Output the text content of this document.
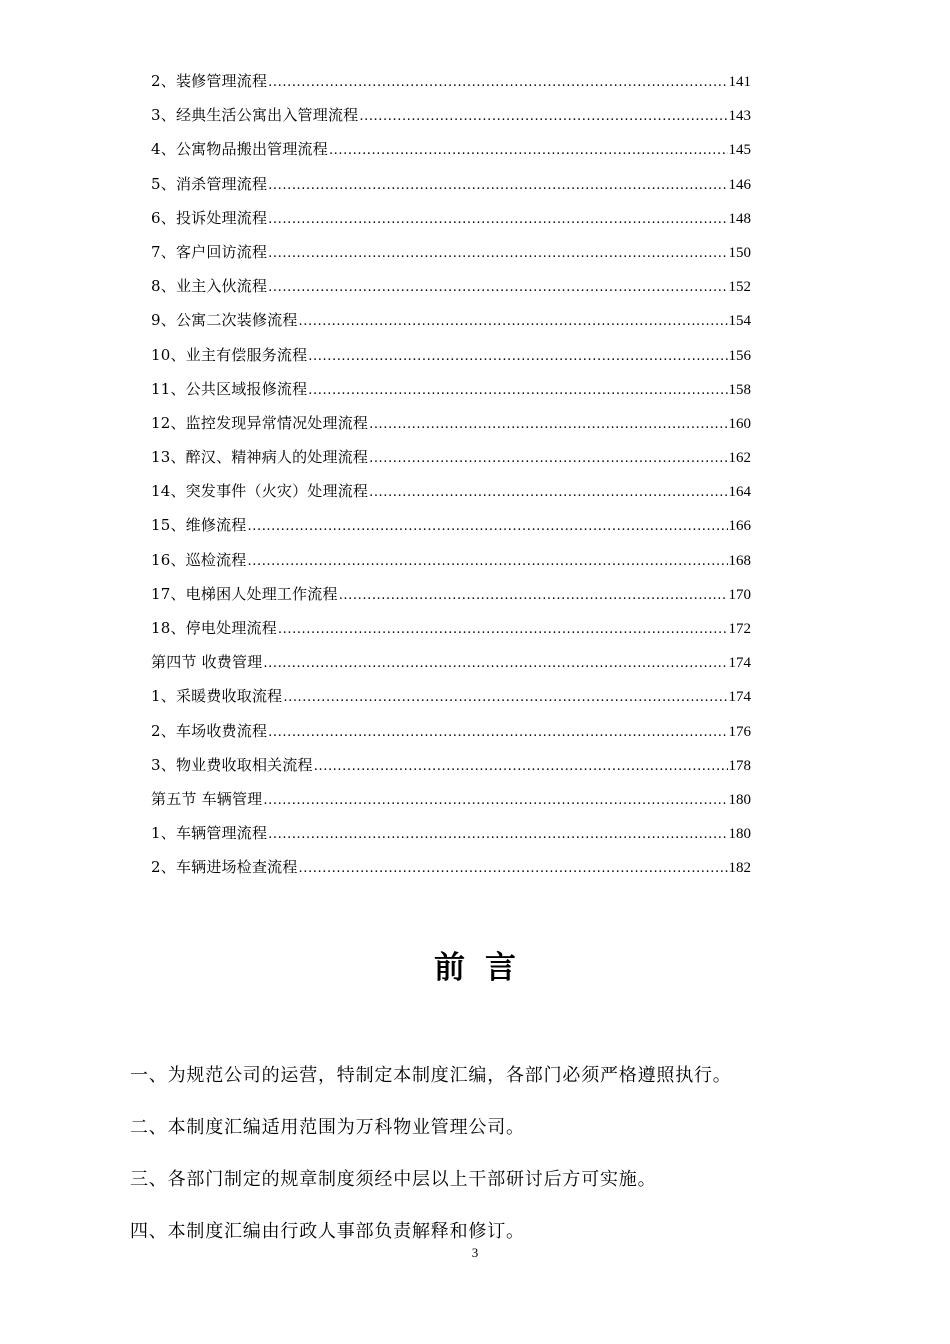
2、装修管理流程 .....	141
3、经典生活公寓出入管理流程 .....	143
4、公寓物品搬出管理流程 .....	145
5、消杀管理流程 .....	146
6、投诉处理流程 .....	148
7、客户回访流程 .....	150
8、业主入伙流程 .....	152
9、公寓二次装修流程 .....	154
10、业主有偿服务流程 .....	156
11、公共区域报修流程 .....	158
12、监控发现异常情况处理流程 .....	160
13、醉汉、精神病人的处理流程 .....	162
14、突发事件（火灾）处理流程 .....	164
15、维修流程 .....	166
16、巡检流程 .....	168
17、电梯困人处理工作流程 .....	170
18、停电处理流程 .....	172
第四节 收费管理 .....	174
1、采暖费收取流程 .....	174
2、车场收费流程 .....	176
3、物业费收取相关流程 .....	178
第五节 车辆管理 .....	180
1、车辆管理流程 .....	180
2、车辆进场检查流程 .....	182
前言
一、为规范公司的运营，特制定本制度汇编，各部门必须严格遵照执行。
二、本制度汇编适用范围为万科物业管理公司。
三、各部门制定的规章制度须经中层以上干部研讨后方可实施。
四、本制度汇编由行政人事部负责解释和修订。
3
